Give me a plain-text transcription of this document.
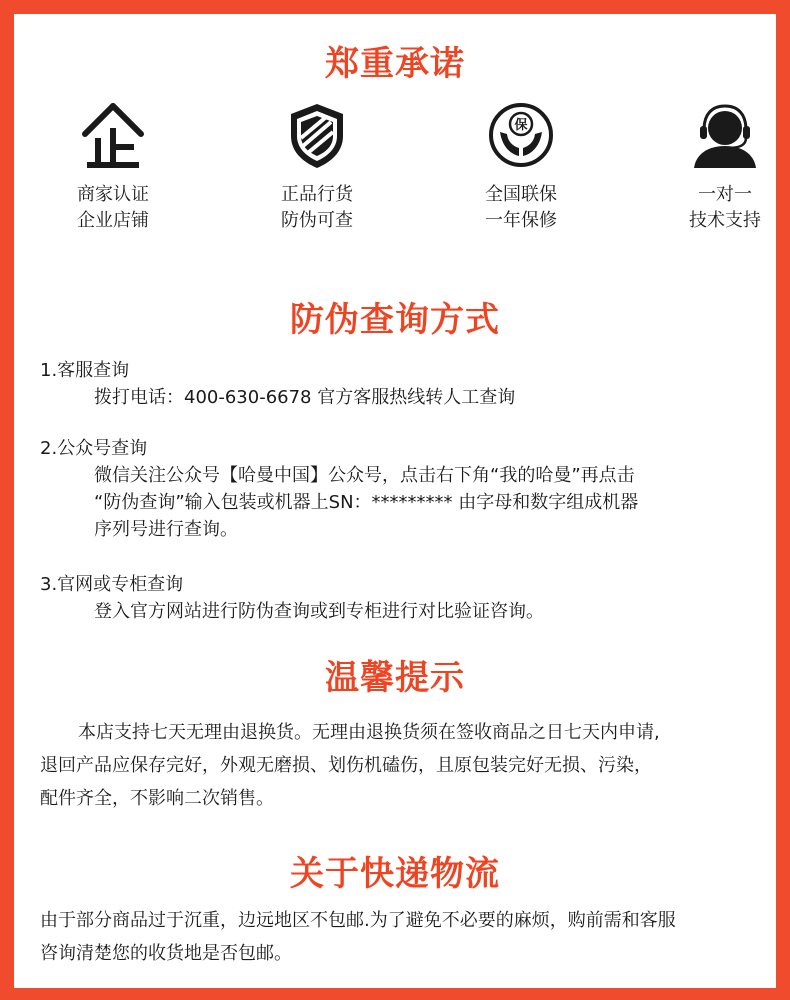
郑重承诺
商家认证
企业店铺
正品行货
防伪可查
保
全国联保
一年保修
一对一
技术支持
防伪查询方式
1.客服查询
拨打电话：400-630-6678 官方客服热线转人工查询
2.公众号查询
微信关注公众号【哈曼中国】公众号，点击右下角“我的哈曼”再点击
“防伪查询”输入包装或机器上SN：********* 由字母和数字组成机器
序列号进行查询。
3.官网或专柜查询
登入官方网站进行防伪查询或到专柜进行对比验证咨询。
温馨提示
本店支持七天无理由退换货。无理由退换货须在签收商品之日七天内申请,
退回产品应保存完好，外观无磨损、划伤机磕伤，且原包装完好无损、污染，
配件齐全，不影响二次销售。
关于快递物流
由于部分商品过于沉重，边远地区不包邮.为了避免不必要的麻烦，购前需和客服
咨询清楚您的收货地是否包邮。
